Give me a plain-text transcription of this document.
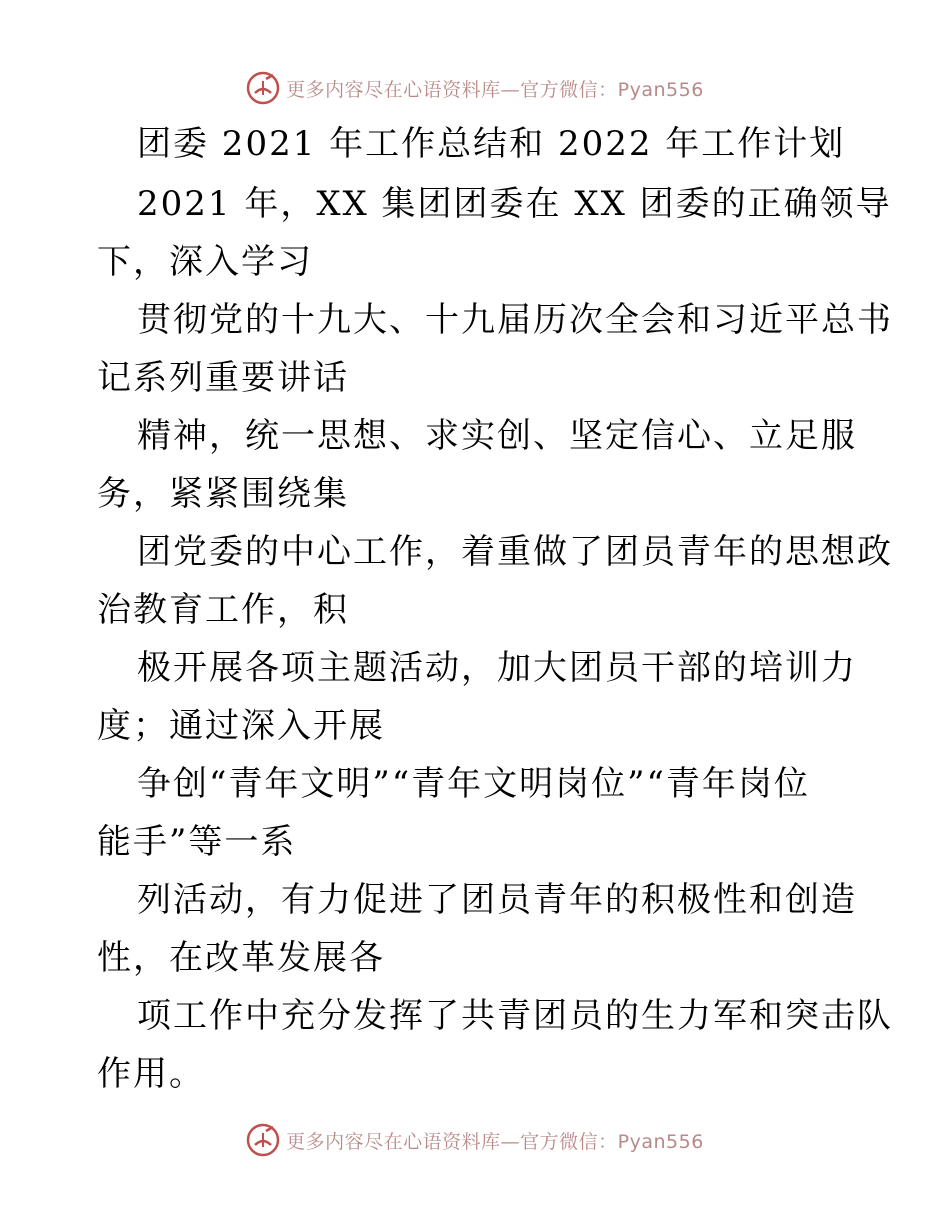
更多内容尽在心语资料库—官方微信：Pyan556
团委 2021 年工作总结和 2022 年工作计划
2021 年，XX 集团团委在 XX 团委的正确领导
下，深入学习
贯彻党的十九大、十九届历次全会和习近平总书
记系列重要讲话
精神，统一思想、求实创、坚定信心、立足服
务，紧紧围绕集
团党委的中心工作，着重做了团员青年的思想政
治教育工作，积
极开展各项主题活动，加大团员干部的培训力
度；通过深入开展
争创“青年文明”“青年文明岗位”“青年岗位
能手”等一系
列活动，有力促进了团员青年的积极性和创造
性，在改革发展各
项工作中充分发挥了共青团员的生力军和突击队
作用。
更多内容尽在心语资料库—官方微信：Pyan556
